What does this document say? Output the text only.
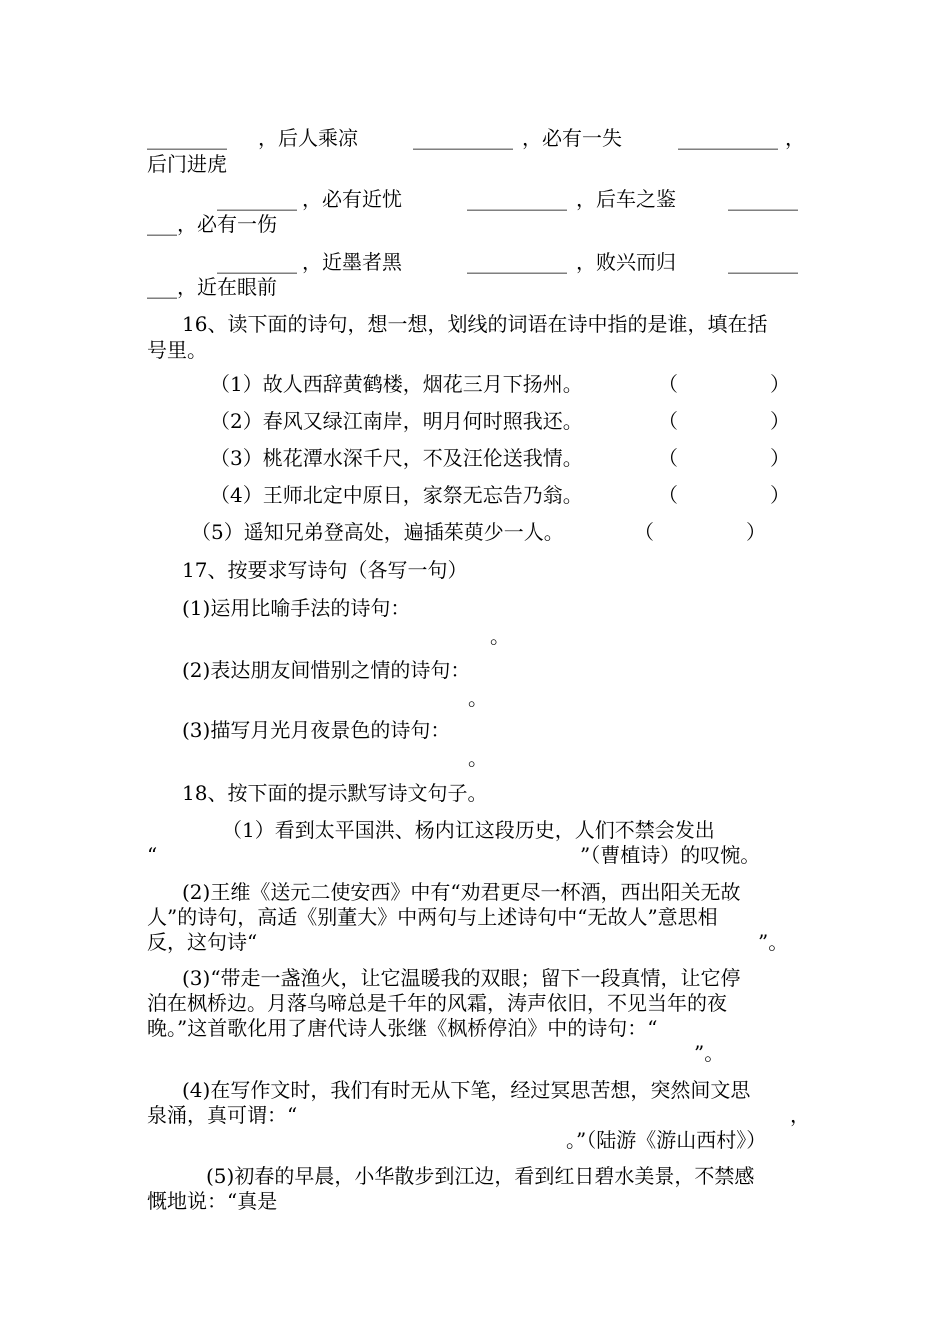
________ ，后人乘凉	__________ ，必有一失	__________ ，
后门进虎
________ ，必有近忧	__________ ，后车之鉴	_______
___，必有一伤
________ ，近墨者黑	__________ ，败兴而归	_______
___，近在眼前
16、读下面的诗句，想一想，划线的词语在诗中指的是谁，填在括
号里。
（1）故人西辞黄鹤楼，烟花三月下扬州。	（	）
（2）春风又绿江南岸，明月何时照我还。	（	）
（3）桃花潭水深千尺，不及汪伦送我情。	（	）
（4）王师北定中原日，家祭无忘告乃翁。	（	）
（5）遥知兄弟登高处，遍插茱萸少一人。	（	）
17、按要求写诗句（各写一句）
(1)运用比喻手法的诗句：
。
(2)表达朋友间惜别之情的诗句：
。
(3)描写月光月夜景色的诗句：
。
18、按下面的提示默写诗文句子。
（1）看到太平国洪、杨内讧这段历史，人们不禁会发出
“	”（曹植诗）的叹惋。
(2)王维《送元二使安西》中有“劝君更尽一杯酒，西出阳关无故
人”的诗句，高适《别董大》中两句与上述诗句中“无故人”意思相
反，这句诗“	”。
(3)“带走一盏渔火，让它温暖我的双眼；留下一段真情，让它停
泊在枫桥边。月落乌啼总是千年的风霜，涛声依旧，不见当年的夜
晚。”这首歌化用了唐代诗人张继《枫桥停泊》中的诗句：“
”。
(4)在写作文时，我们有时无从下笔，经过冥思苦想，突然间文思
泉涌，真可谓：“	，
。”（陆游《游山西村》）
(5)初春的早晨，小华散步到江边，看到红日碧水美景，不禁感
慨地说：“真是
